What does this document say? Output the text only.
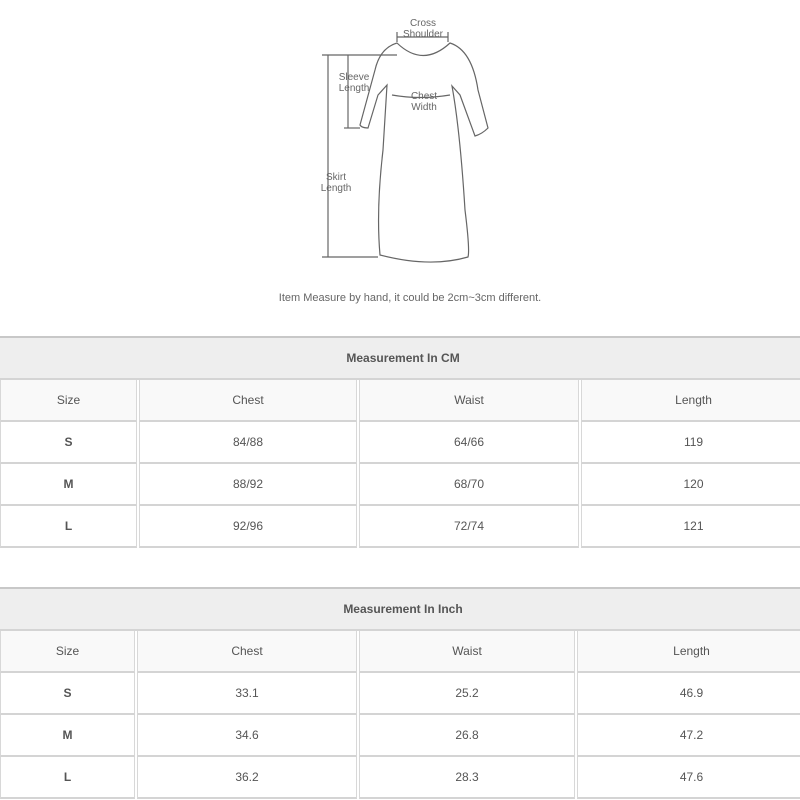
Cross
Shoulder
Sleeve
Length
Chest
Width
Skirt
Length
Item Measure by hand, it could be 2cm~3cm different.
Measurement In CM			
Size	Chest	Waist	Length
S	84/88	64/66	119
M	88/92	68/70	120
L	92/96	72/74	121
Measurement In Inch			
Size	Chest	Waist	Length
S	33.1	25.2	46.9
M	34.6	26.8	47.2
L	36.2	28.3	47.6
